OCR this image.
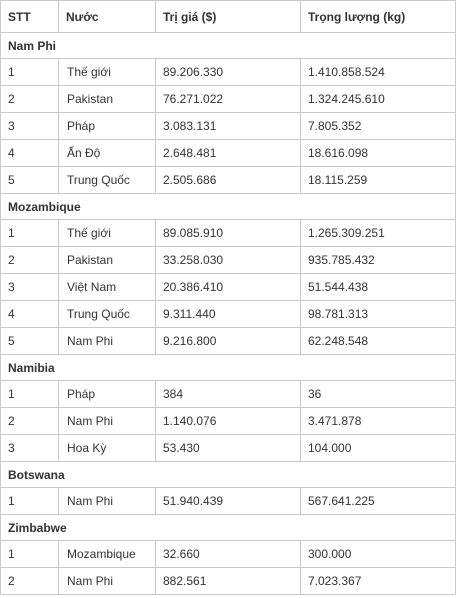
STT	Nước	Trị giá ($)	Trọng lượng (kg)
Nam Phi			
1	Thế giới	89.206.330	1.410.858.524
2	Pakistan	76.271.022	1.324.245.610
3	Pháp	3.083.131	7.805.352
4	Ấn Độ	2.648.481	18.616.098
5	Trung Quốc	2.505.686	18.115.259
Mozambique			
1	Thế giới	89.085.910	1.265.309.251
2	Pakistan	33.258.030	935.785.432
3	Việt Nam	20.386.410	51.544.438
4	Trung Quốc	9.311.440	98.781.313
5	Nam Phi	9.216.800	62.248.548
Namibia			
1	Pháp	384	36
2	Nam Phi	1.140.076	3.471.878
3	Hoa Kỳ	53.430	104.000
Botswana			
1	Nam Phi	51.940.439	567.641.225
Zimbabwe			
1	Mozambique	32.660	300.000
2	Nam Phi	882.561	7.023.367
